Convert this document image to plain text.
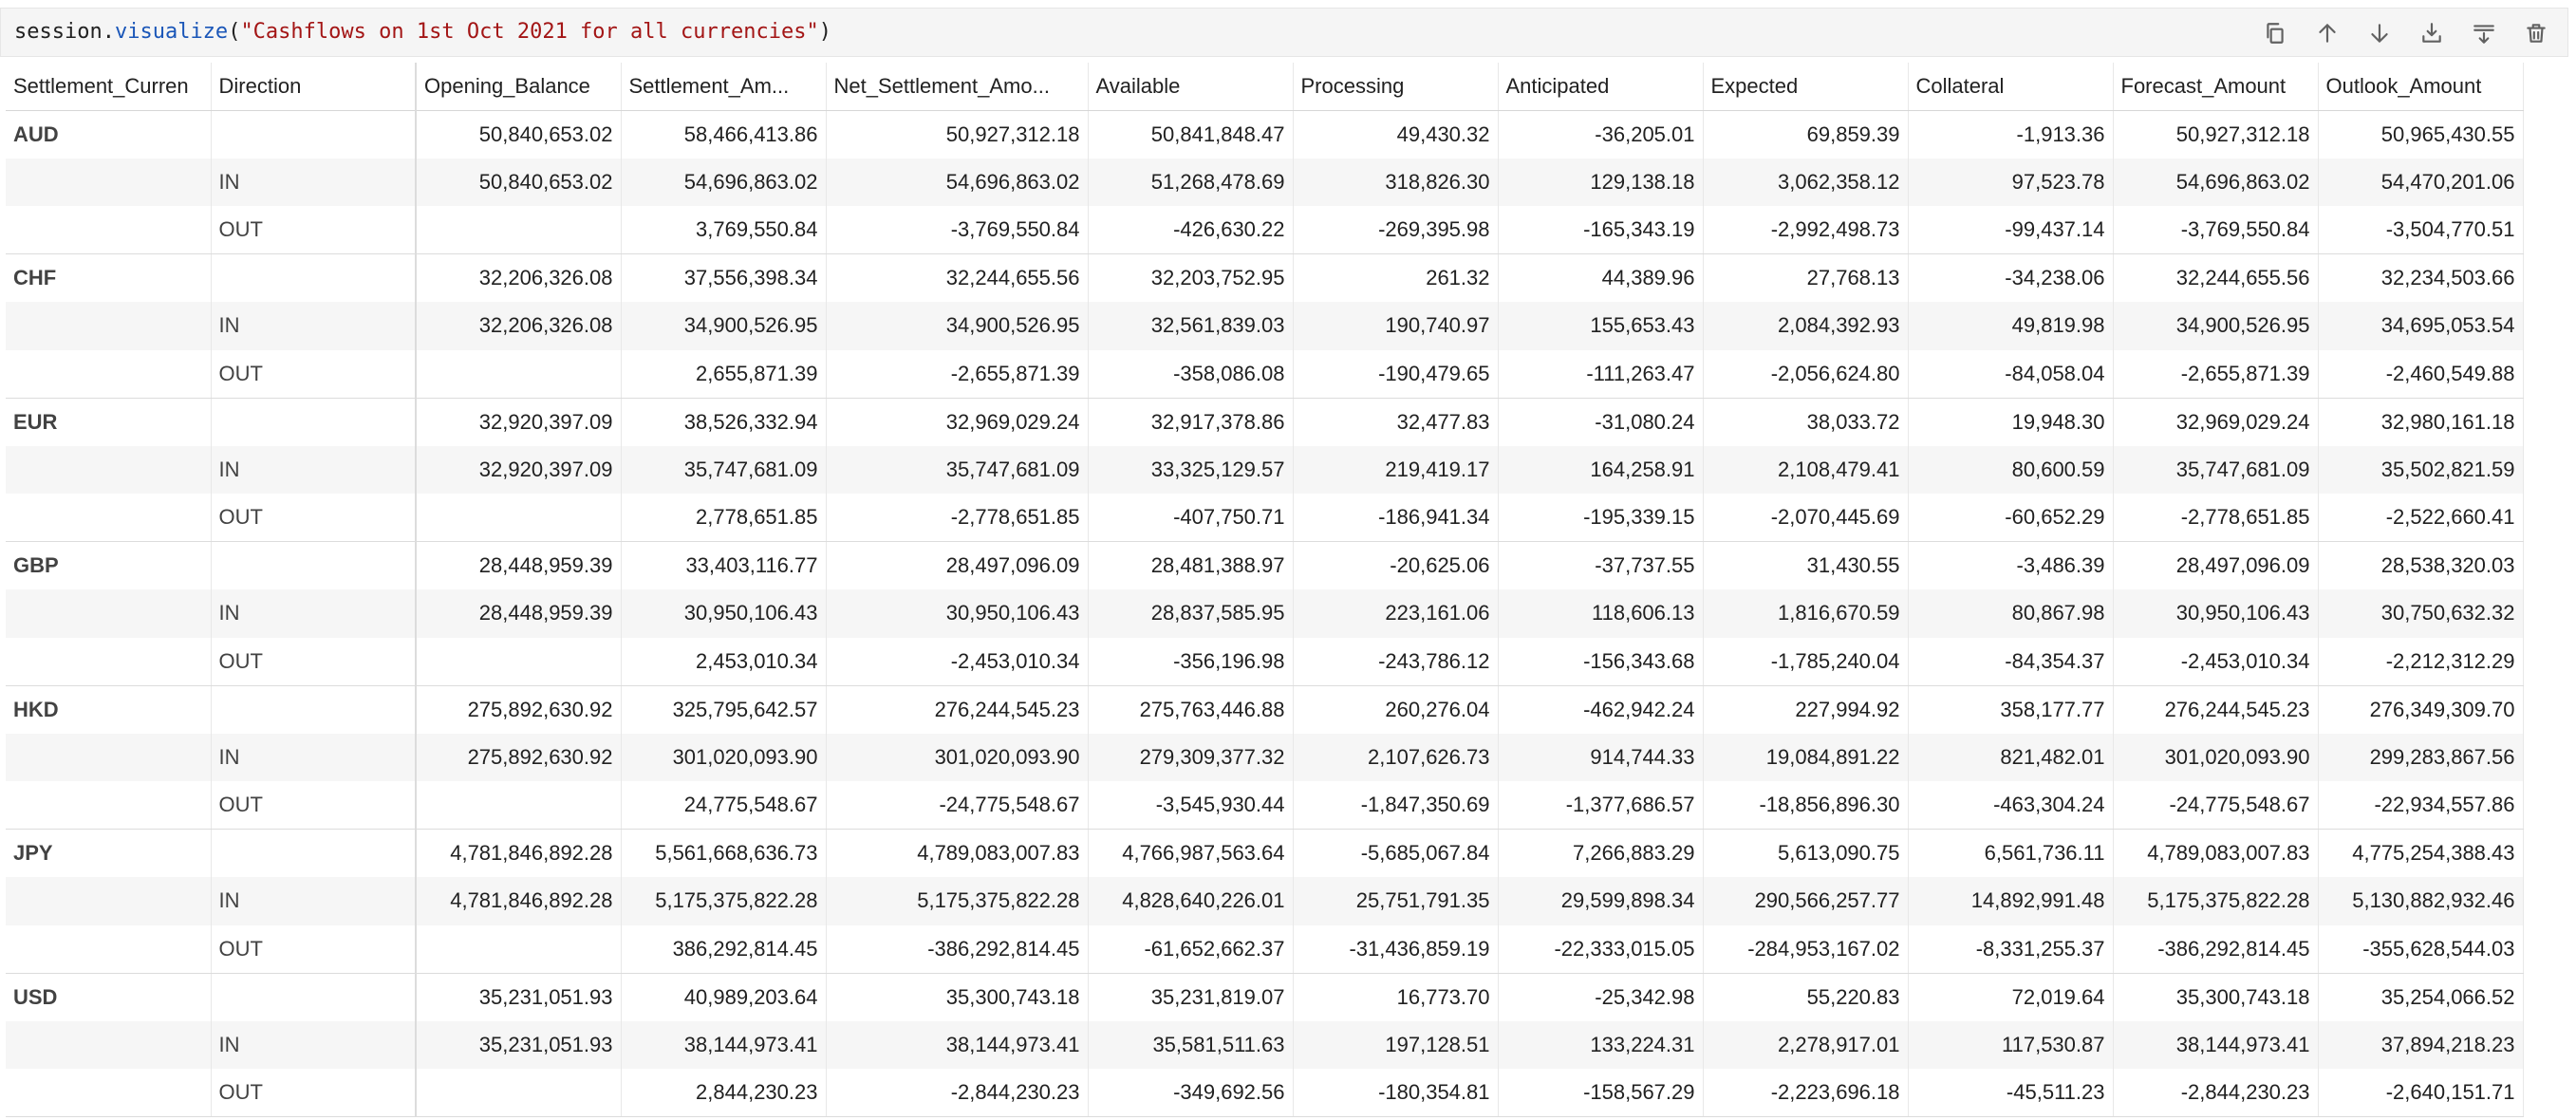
session.visualize("Cashflows on 1st Oct 2021 for all currencies")
Settlement_Curren	Direction	Opening_Balance	Settlement_Am...	Net_Settlement_Amo...	Available	Processing	Anticipated	Expected	Collateral	Forecast_Amount	Outlook_Amount
AUD		50,840,653.02	58,466,413.86	50,927,312.18	50,841,848.47	49,430.32	-36,205.01	69,859.39	-1,913.36	50,927,312.18	50,965,430.55
	IN	50,840,653.02	54,696,863.02	54,696,863.02	51,268,478.69	318,826.30	129,138.18	3,062,358.12	97,523.78	54,696,863.02	54,470,201.06
	OUT		3,769,550.84	-3,769,550.84	-426,630.22	-269,395.98	-165,343.19	-2,992,498.73	-99,437.14	-3,769,550.84	-3,504,770.51
CHF		32,206,326.08	37,556,398.34	32,244,655.56	32,203,752.95	261.32	44,389.96	27,768.13	-34,238.06	32,244,655.56	32,234,503.66
	IN	32,206,326.08	34,900,526.95	34,900,526.95	32,561,839.03	190,740.97	155,653.43	2,084,392.93	49,819.98	34,900,526.95	34,695,053.54
	OUT		2,655,871.39	-2,655,871.39	-358,086.08	-190,479.65	-111,263.47	-2,056,624.80	-84,058.04	-2,655,871.39	-2,460,549.88
EUR		32,920,397.09	38,526,332.94	32,969,029.24	32,917,378.86	32,477.83	-31,080.24	38,033.72	19,948.30	32,969,029.24	32,980,161.18
	IN	32,920,397.09	35,747,681.09	35,747,681.09	33,325,129.57	219,419.17	164,258.91	2,108,479.41	80,600.59	35,747,681.09	35,502,821.59
	OUT		2,778,651.85	-2,778,651.85	-407,750.71	-186,941.34	-195,339.15	-2,070,445.69	-60,652.29	-2,778,651.85	-2,522,660.41
GBP		28,448,959.39	33,403,116.77	28,497,096.09	28,481,388.97	-20,625.06	-37,737.55	31,430.55	-3,486.39	28,497,096.09	28,538,320.03
	IN	28,448,959.39	30,950,106.43	30,950,106.43	28,837,585.95	223,161.06	118,606.13	1,816,670.59	80,867.98	30,950,106.43	30,750,632.32
	OUT		2,453,010.34	-2,453,010.34	-356,196.98	-243,786.12	-156,343.68	-1,785,240.04	-84,354.37	-2,453,010.34	-2,212,312.29
HKD		275,892,630.92	325,795,642.57	276,244,545.23	275,763,446.88	260,276.04	-462,942.24	227,994.92	358,177.77	276,244,545.23	276,349,309.70
	IN	275,892,630.92	301,020,093.90	301,020,093.90	279,309,377.32	2,107,626.73	914,744.33	19,084,891.22	821,482.01	301,020,093.90	299,283,867.56
	OUT		24,775,548.67	-24,775,548.67	-3,545,930.44	-1,847,350.69	-1,377,686.57	-18,856,896.30	-463,304.24	-24,775,548.67	-22,934,557.86
JPY		4,781,846,892.28	5,561,668,636.73	4,789,083,007.83	4,766,987,563.64	-5,685,067.84	7,266,883.29	5,613,090.75	6,561,736.11	4,789,083,007.83	4,775,254,388.43
	IN	4,781,846,892.28	5,175,375,822.28	5,175,375,822.28	4,828,640,226.01	25,751,791.35	29,599,898.34	290,566,257.77	14,892,991.48	5,175,375,822.28	5,130,882,932.46
	OUT		386,292,814.45	-386,292,814.45	-61,652,662.37	-31,436,859.19	-22,333,015.05	-284,953,167.02	-8,331,255.37	-386,292,814.45	-355,628,544.03
USD		35,231,051.93	40,989,203.64	35,300,743.18	35,231,819.07	16,773.70	-25,342.98	55,220.83	72,019.64	35,300,743.18	35,254,066.52
	IN	35,231,051.93	38,144,973.41	38,144,973.41	35,581,511.63	197,128.51	133,224.31	2,278,917.01	117,530.87	38,144,973.41	37,894,218.23
	OUT		2,844,230.23	-2,844,230.23	-349,692.56	-180,354.81	-158,567.29	-2,223,696.18	-45,511.23	-2,844,230.23	-2,640,151.71
